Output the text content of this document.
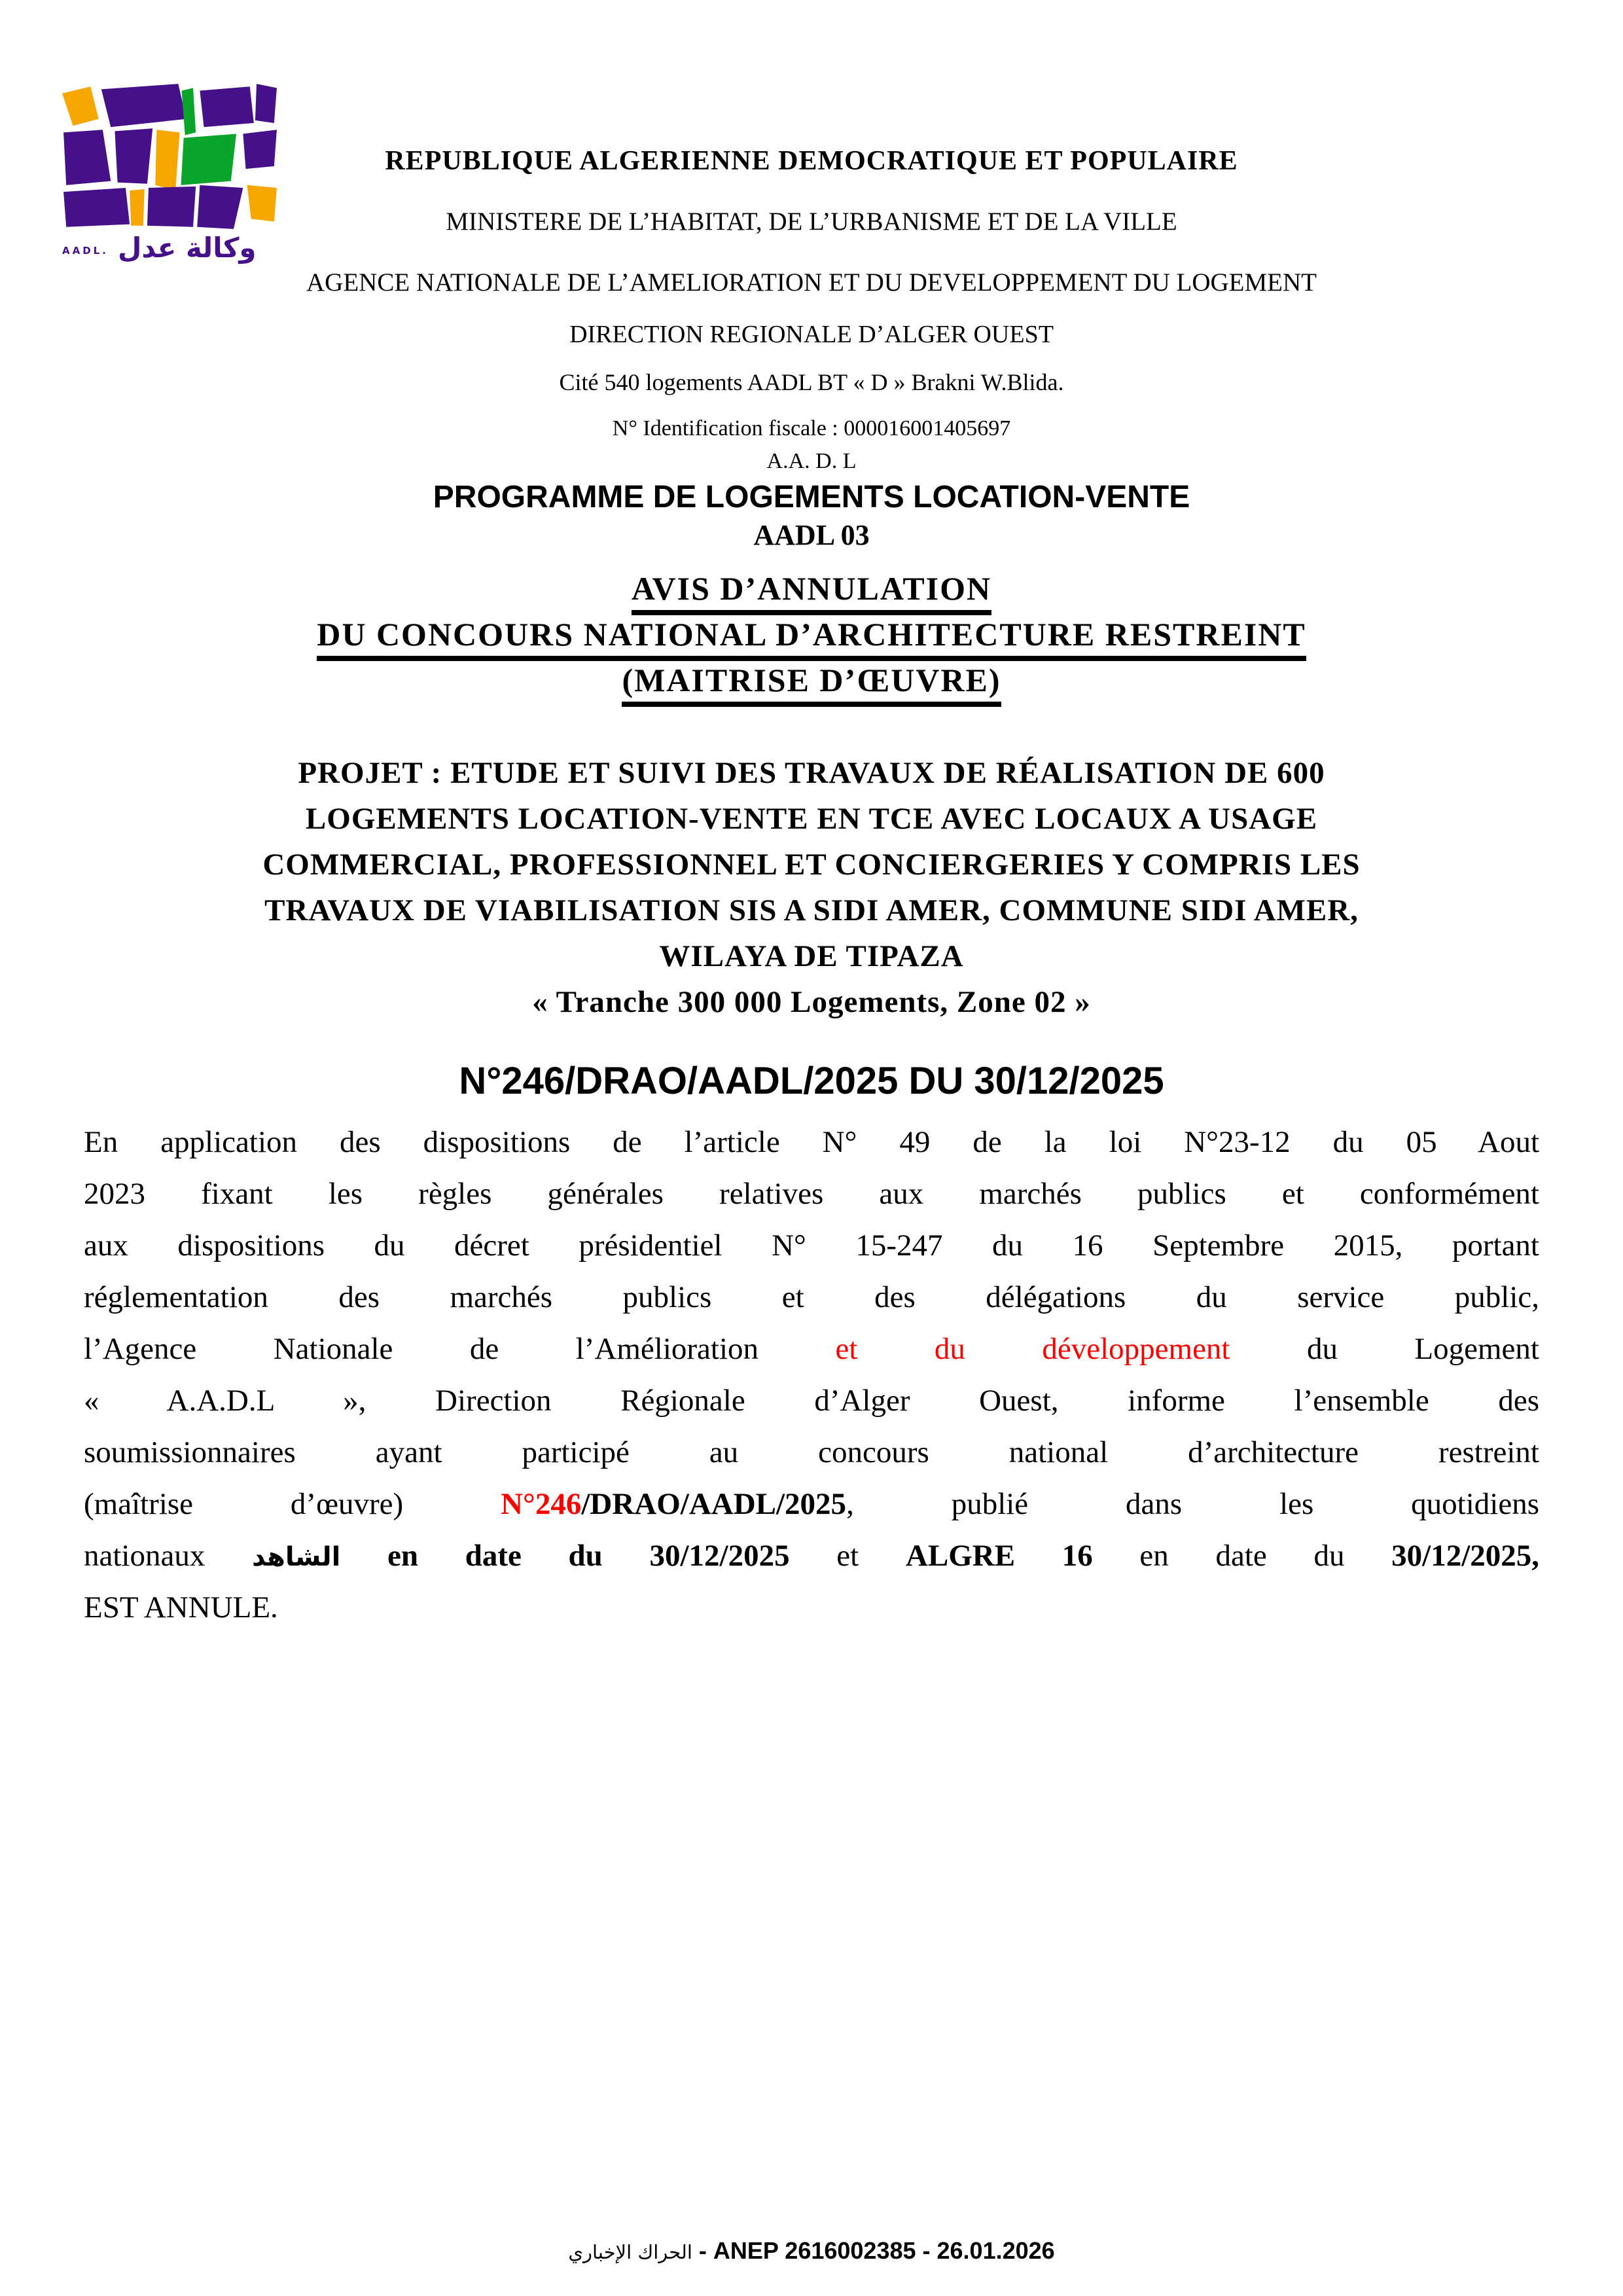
AADL. وكالة عدل
REPUBLIQUE ALGERIENNE DEMOCRATIQUE ET POPULAIRE
MINISTERE DE L’HABITAT, DE L’URBANISME ET DE LA VILLE
AGENCE NATIONALE DE L’AMELIORATION ET DU DEVELOPPEMENT DU LOGEMENT
DIRECTION REGIONALE D’ALGER OUEST
Cité 540 logements AADL BT « D » Brakni W.Blida.
N° Identification fiscale : 000016001405697
A.A. D. L
PROGRAMME DE LOGEMENTS LOCATION-VENTE
AADL 03
AVIS D’ANNULATION
DU CONCOURS NATIONAL D’ARCHITECTURE RESTREINT
(MAITRISE D’ŒUVRE)
PROJET : ETUDE ET SUIVI DES TRAVAUX DE RÉALISATION DE 600
LOGEMENTS LOCATION-VENTE EN TCE AVEC LOCAUX A USAGE
COMMERCIAL, PROFESSIONNEL ET CONCIERGERIES Y COMPRIS LES
TRAVAUX DE VIABILISATION SIS A SIDI AMER, COMMUNE SIDI AMER,
WILAYA DE TIPAZA
« Tranche 300 000 Logements, Zone 02 »
N°246/DRAO/AADL/2025 DU 30/12/2025
En application des dispositions de l’article N° 49 de la loi N°23-12 du 05 Aout
2023 fixant les règles générales relatives aux marchés publics et conformément
aux dispositions du décret présidentiel N° 15-247 du 16 Septembre 2015, portant
réglementation des marchés publics et des délégations du service public,
l’Agence Nationale de l’Amélioration et du développement du Logement
« A.A.D.L », Direction Régionale d’Alger Ouest, informe l’ensemble des
soumissionnaires ayant participé au concours national d’architecture restreint
(maîtrise d’œuvre) N°246/DRAO/AADL/2025, publié dans les quotidiens
nationaux الشاهد en date du 30/12/2025 et ALGRE 16 en date du 30/12/2025,
EST ANNULE.
الحراك الإخباري - ANEP 2616002385 - 26.01.2026
